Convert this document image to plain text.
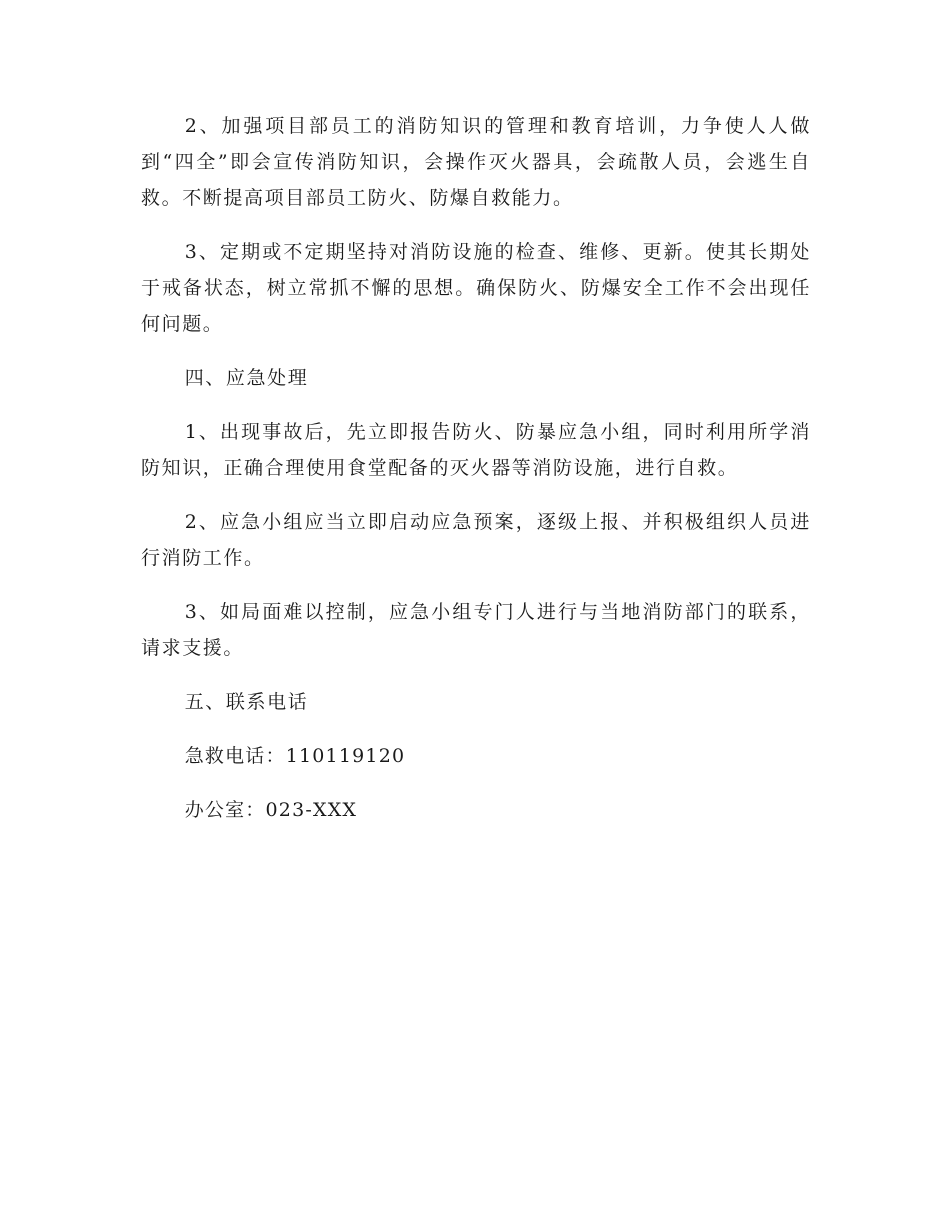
2、加强项目部员工的消防知识的管理和教育培训，力争使人人做到“四全”即会宣传消防知识，会操作灭火器具，会疏散人员，会逃生自救。不断提高项目部员工防火、防爆自救能力。

3、定期或不定期坚持对消防设施的检查、维修、更新。使其长期处于戒备状态，树立常抓不懈的思想。确保防火、防爆安全工作不会出现任何问题。

四、应急处理

1、出现事故后，先立即报告防火、防暴应急小组，同时利用所学消防知识，正确合理使用食堂配备的灭火器等消防设施，进行自救。

2、应急小组应当立即启动应急预案，逐级上报、并积极组织人员进行消防工作。

3、如局面难以控制，应急小组专门人进行与当地消防部门的联系，请求支援。

五、联系电话

急救电话：110119120

办公室：023-XXX
